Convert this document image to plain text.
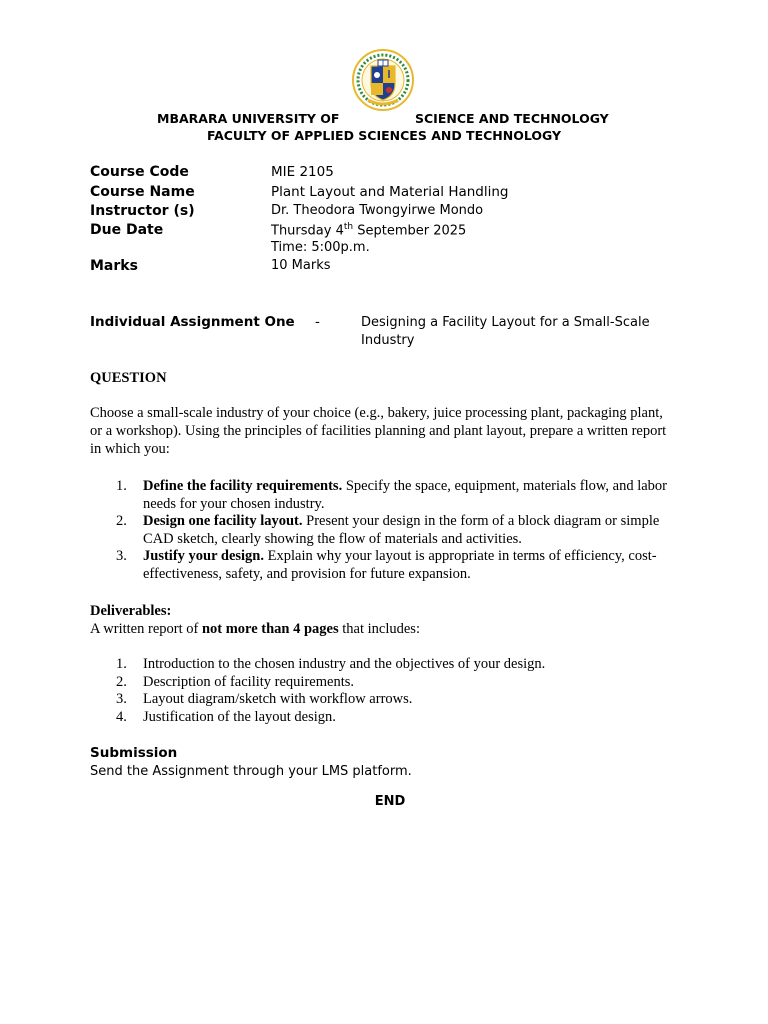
MBARARA UNIVERSITY OF	SCIENCE AND TECHNOLOGY
FACULTY OF APPLIED SCIENCES AND TECHNOLOGY
Course Code	MIE 2105
Course Name	Plant Layout and Material Handling
Instructor (s)	Dr. Theodora Twongyirwe Mondo
Due Date	Thursday 4th September 2025
Time: 5:00p.m.
Marks	10 Marks
Individual Assignment One -	Designing a Facility Layout for a Small-Scale Industry
QUESTION
Choose a small-scale industry of your choice (e.g., bakery, juice processing plant, packaging plant, or a workshop). Using the principles of facilities planning and plant layout, prepare a written report in which you:
1. Define the facility requirements. Specify the space, equipment, materials flow, and labor needs for your chosen industry.
2. Design one facility layout. Present your design in the form of a block diagram or simple CAD sketch, clearly showing the flow of materials and activities.
3. Justify your design. Explain why your layout is appropriate in terms of efficiency, cost-effectiveness, safety, and provision for future expansion.
Deliverables:
A written report of not more than 4 pages that includes:
1. Introduction to the chosen industry and the objectives of your design.
2. Description of facility requirements.
3. Layout diagram/sketch with workflow arrows.
4. Justification of the layout design.
Submission
Send the Assignment through your LMS platform.
END
